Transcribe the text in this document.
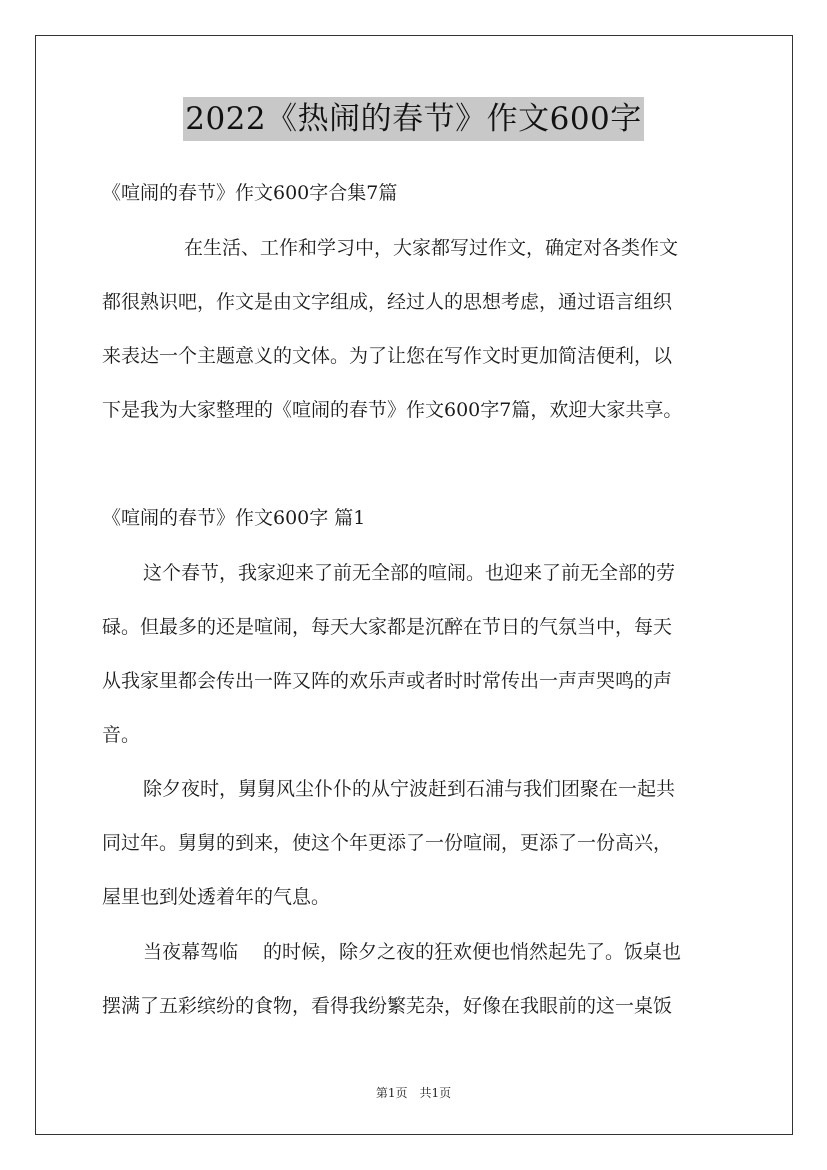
2022《热闹的春节》作文600字
《喧闹的春节》作文600字合集7篇
在生活、工作和学习中，大家都写过作文，确定对各类作文
都很熟识吧，作文是由文字组成，经过人的思想考虑，通过语言组织
来表达一个主题意义的文体。为了让您在写作文时更加简洁便利，以
下是我为大家整理的《喧闹的春节》作文600字7篇，欢迎大家共享。
《喧闹的春节》作文600字 篇1
这个春节，我家迎来了前无全部的喧闹。也迎来了前无全部的劳
碌。但最多的还是喧闹，每天大家都是沉醉在节日的气氛当中，每天
从我家里都会传出一阵又阵的欢乐声或者时时常传出一声声哭鸣的声
音。
除夕夜时，舅舅风尘仆仆的从宁波赶到石浦与我们团聚在一起共
同过年。舅舅的到来，使这个年更添了一份喧闹，更添了一份高兴，
屋里也到处透着年的气息。
当夜幕驾临　 的时候，除夕之夜的狂欢便也悄然起先了。饭桌也
摆满了五彩缤纷的食物，看得我纷繁芜杂，好像在我眼前的这一桌饭
第1页　共1页
